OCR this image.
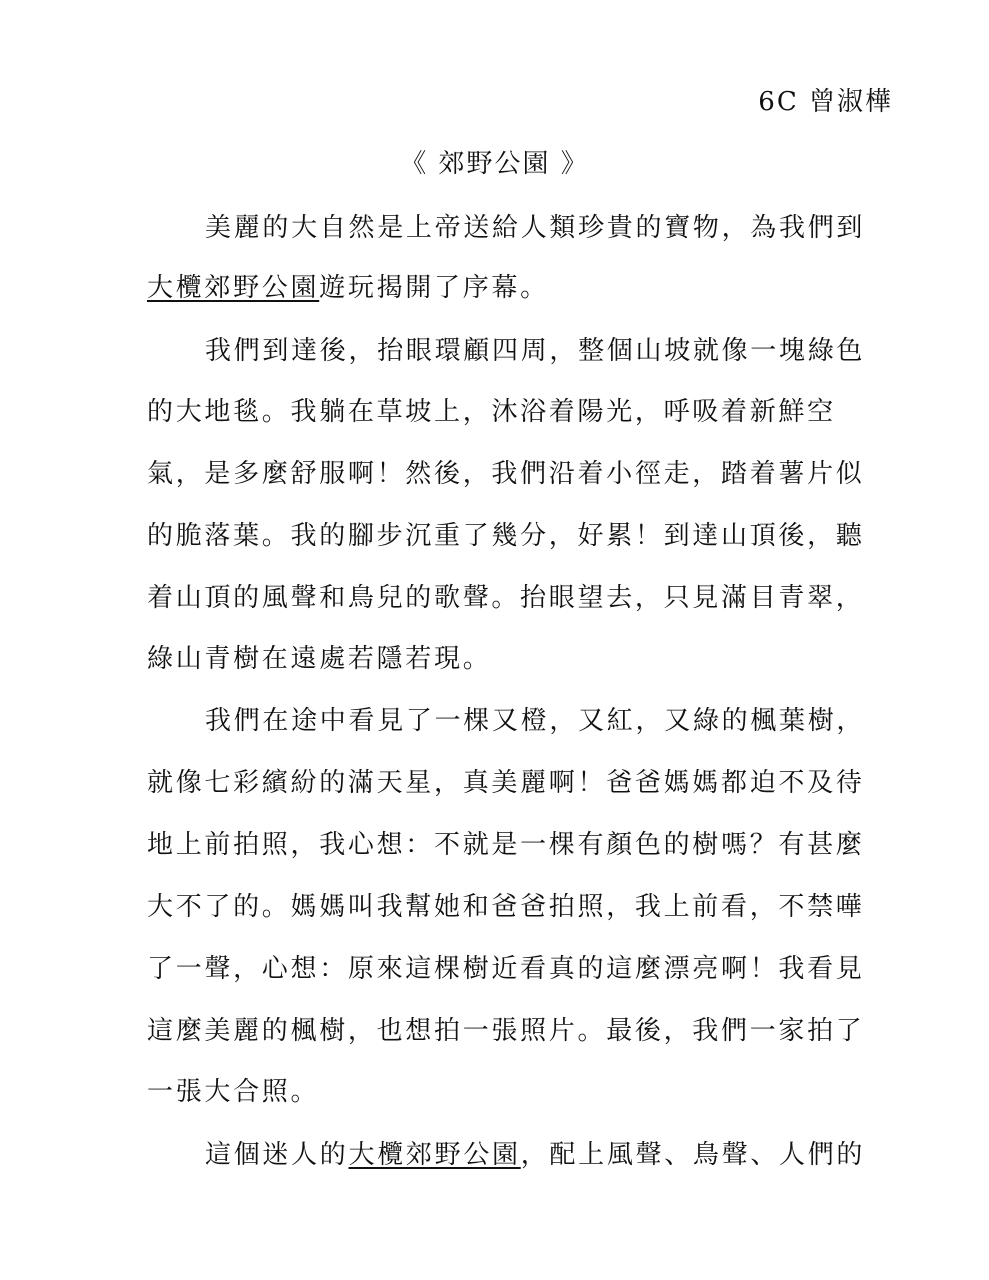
6C 曾淑樺
《 郊野公園 》
美麗的大自然是上帝送給人類珍貴的寶物，為我們到
大欖郊野公園遊玩揭開了序幕。
我們到達後，抬眼環顧四周，整個山坡就像一塊綠色
的大地毯。我躺在草坡上，沐浴着陽光，呼吸着新鮮空
氣，是多麼舒服啊！然後，我們沿着小徑走，踏着薯片似
的脆落葉。我的腳步沉重了幾分，好累！到達山頂後，聽
着山頂的風聲和鳥兒的歌聲。抬眼望去，只見滿目青翠，
綠山青樹在遠處若隱若現。
我們在途中看見了一棵又橙，又紅，又綠的楓葉樹，
就像七彩繽紛的滿天星，真美麗啊！爸爸媽媽都迫不及待
地上前拍照，我心想：不就是一棵有顏色的樹嗎？有甚麼
大不了的。媽媽叫我幫她和爸爸拍照，我上前看，不禁嘩
了一聲，心想：原來這棵樹近看真的這麼漂亮啊！我看見
這麼美麗的楓樹，也想拍一張照片。最後，我們一家拍了
一張大合照。
這個迷人的大欖郊野公園，配上風聲、鳥聲、人們的
